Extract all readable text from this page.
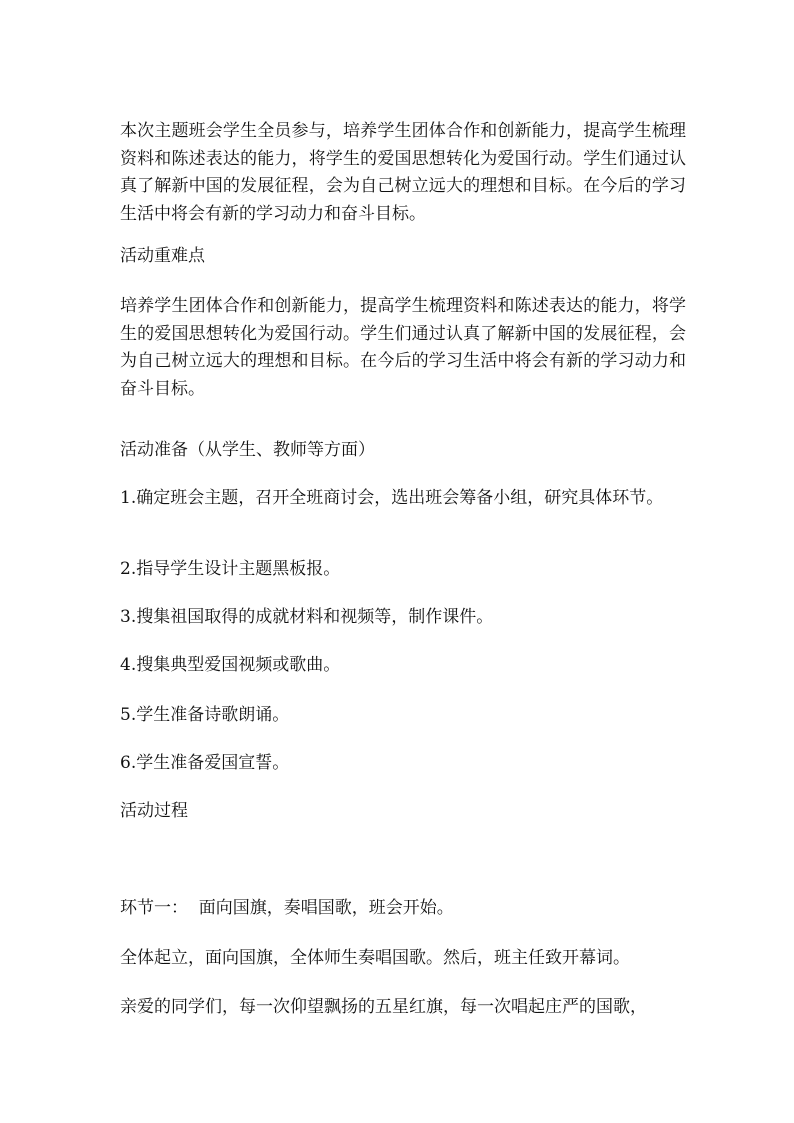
本次主题班会学生全员参与，培养学生团体合作和创新能力，提高学生梳理资料和陈述表达的能力，将学生的爱国思想转化为爱国行动。学生们通过认真了解新中国的发展征程，会为自己树立远大的理想和目标。在今后的学习生活中将会有新的学习动力和奋斗目标。

活动重难点

培养学生团体合作和创新能力，提高学生梳理资料和陈述表达的能力，将学生的爱国思想转化为爱国行动。学生们通过认真了解新中国的发展征程，会为自己树立远大的理想和目标。在今后的学习生活中将会有新的学习动力和奋斗目标。

活动准备（从学生、教师等方面）

1.确定班会主题，召开全班商讨会，选出班会筹备小组，研究具体环节。

2.指导学生设计主题黑板报。

3.搜集祖国取得的成就材料和视频等，制作课件。

4.搜集典型爱国视频或歌曲。

5.学生准备诗歌朗诵。

6.学生准备爱国宣誓。

活动过程

环节一：  面向国旗，奏唱国歌，班会开始。

全体起立，面向国旗，全体师生奏唱国歌。然后，班主任致开幕词。

亲爱的同学们，每一次仰望飘扬的五星红旗，每一次唱起庄严的国歌，
